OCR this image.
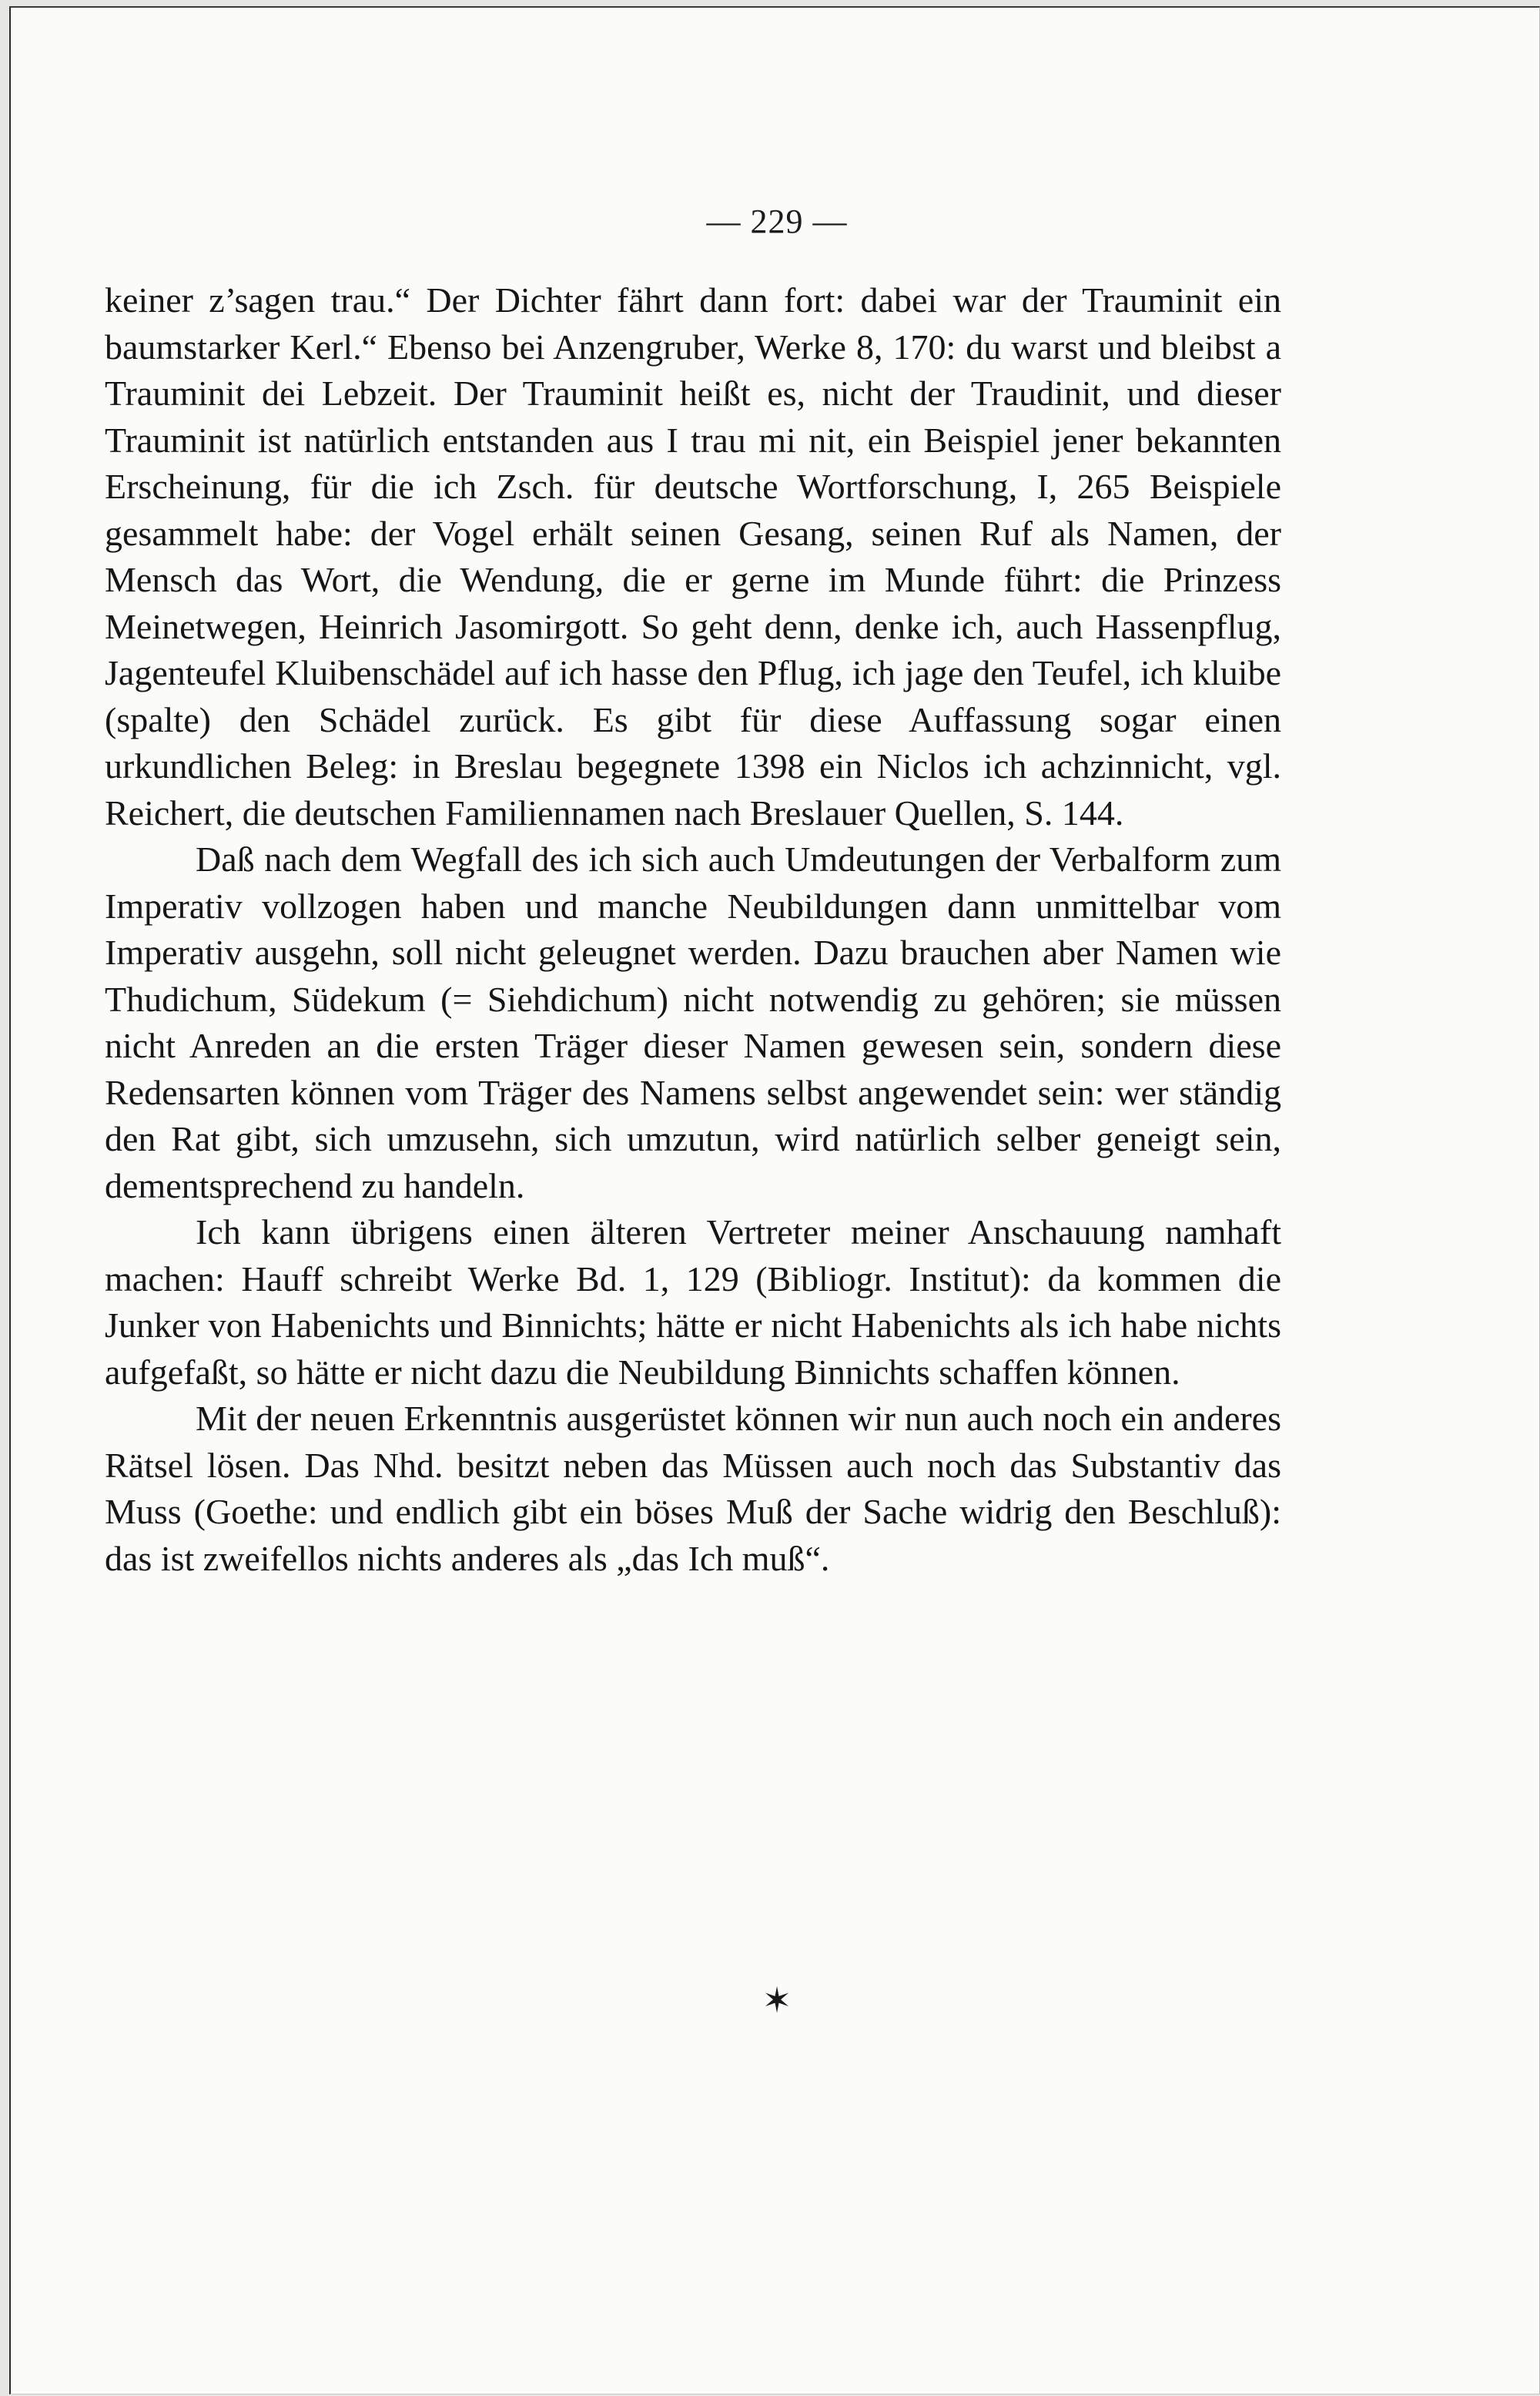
— 229 —

keiner z’sagen trau.“ Der Dichter fährt dann fort: dabei war der Trauminit ein baumstarker Kerl.“ Ebenso bei Anzengruber, Werke 8, 170: du warst und bleibst a Trauminit dei Lebzeit. Der Trauminit heißt es, nicht der Traudinit, und dieser Trauminit ist natürlich entstanden aus I trau mi nit, ein Beispiel jener bekannten Erscheinung, für die ich Zsch. für deutsche Wortforschung, I, 265 Beispiele gesammelt habe: der Vogel erhält seinen Gesang, seinen Ruf als Namen, der Mensch das Wort, die Wendung, die er gerne im Munde führt: die Prinzess Meinetwegen, Heinrich Jasomirgott. So geht denn, denke ich, auch Hassenpflug, Jagenteufel Kluibenschädel auf ich hasse den Pflug, ich jage den Teufel, ich kluibe (spalte) den Schädel zurück. Es gibt für diese Auffassung sogar einen urkundlichen Beleg: in Breslau begegnete 1398 ein Niclos ich achzinnicht, vgl. Reichert, die deutschen Familiennamen nach Breslauer Quellen, S. 144.

Daß nach dem Wegfall des ich sich auch Umdeutungen der Verbalform zum Imperativ vollzogen haben und manche Neubildungen dann unmittelbar vom Imperativ ausgehn, soll nicht geleugnet werden. Dazu brauchen aber Namen wie Thudichum, Südekum (= Siehdichum) nicht notwendig zu gehören; sie müssen nicht Anreden an die ersten Träger dieser Namen gewesen sein, sondern diese Redensarten können vom Träger des Namens selbst angewendet sein: wer ständig den Rat gibt, sich umzusehn, sich umzutun, wird natürlich selber geneigt sein, dementsprechend zu handeln.

Ich kann übrigens einen älteren Vertreter meiner Anschauung namhaft machen: Hauff schreibt Werke Bd. 1, 129 (Bibliogr. Institut): da kommen die Junker von Habenichts und Binnichts; hätte er nicht Habenichts als ich habe nichts aufgefaßt, so hätte er nicht dazu die Neubildung Binnichts schaffen können.

Mit der neuen Erkenntnis ausgerüstet können wir nun auch noch ein anderes Rätsel lösen. Das Nhd. besitzt neben das Müssen auch noch das Substantiv das Muss (Goethe: und endlich gibt ein böses Muß der Sache widrig den Beschluß): das ist zweifellos nichts anderes als „das Ich muß“.

✶
